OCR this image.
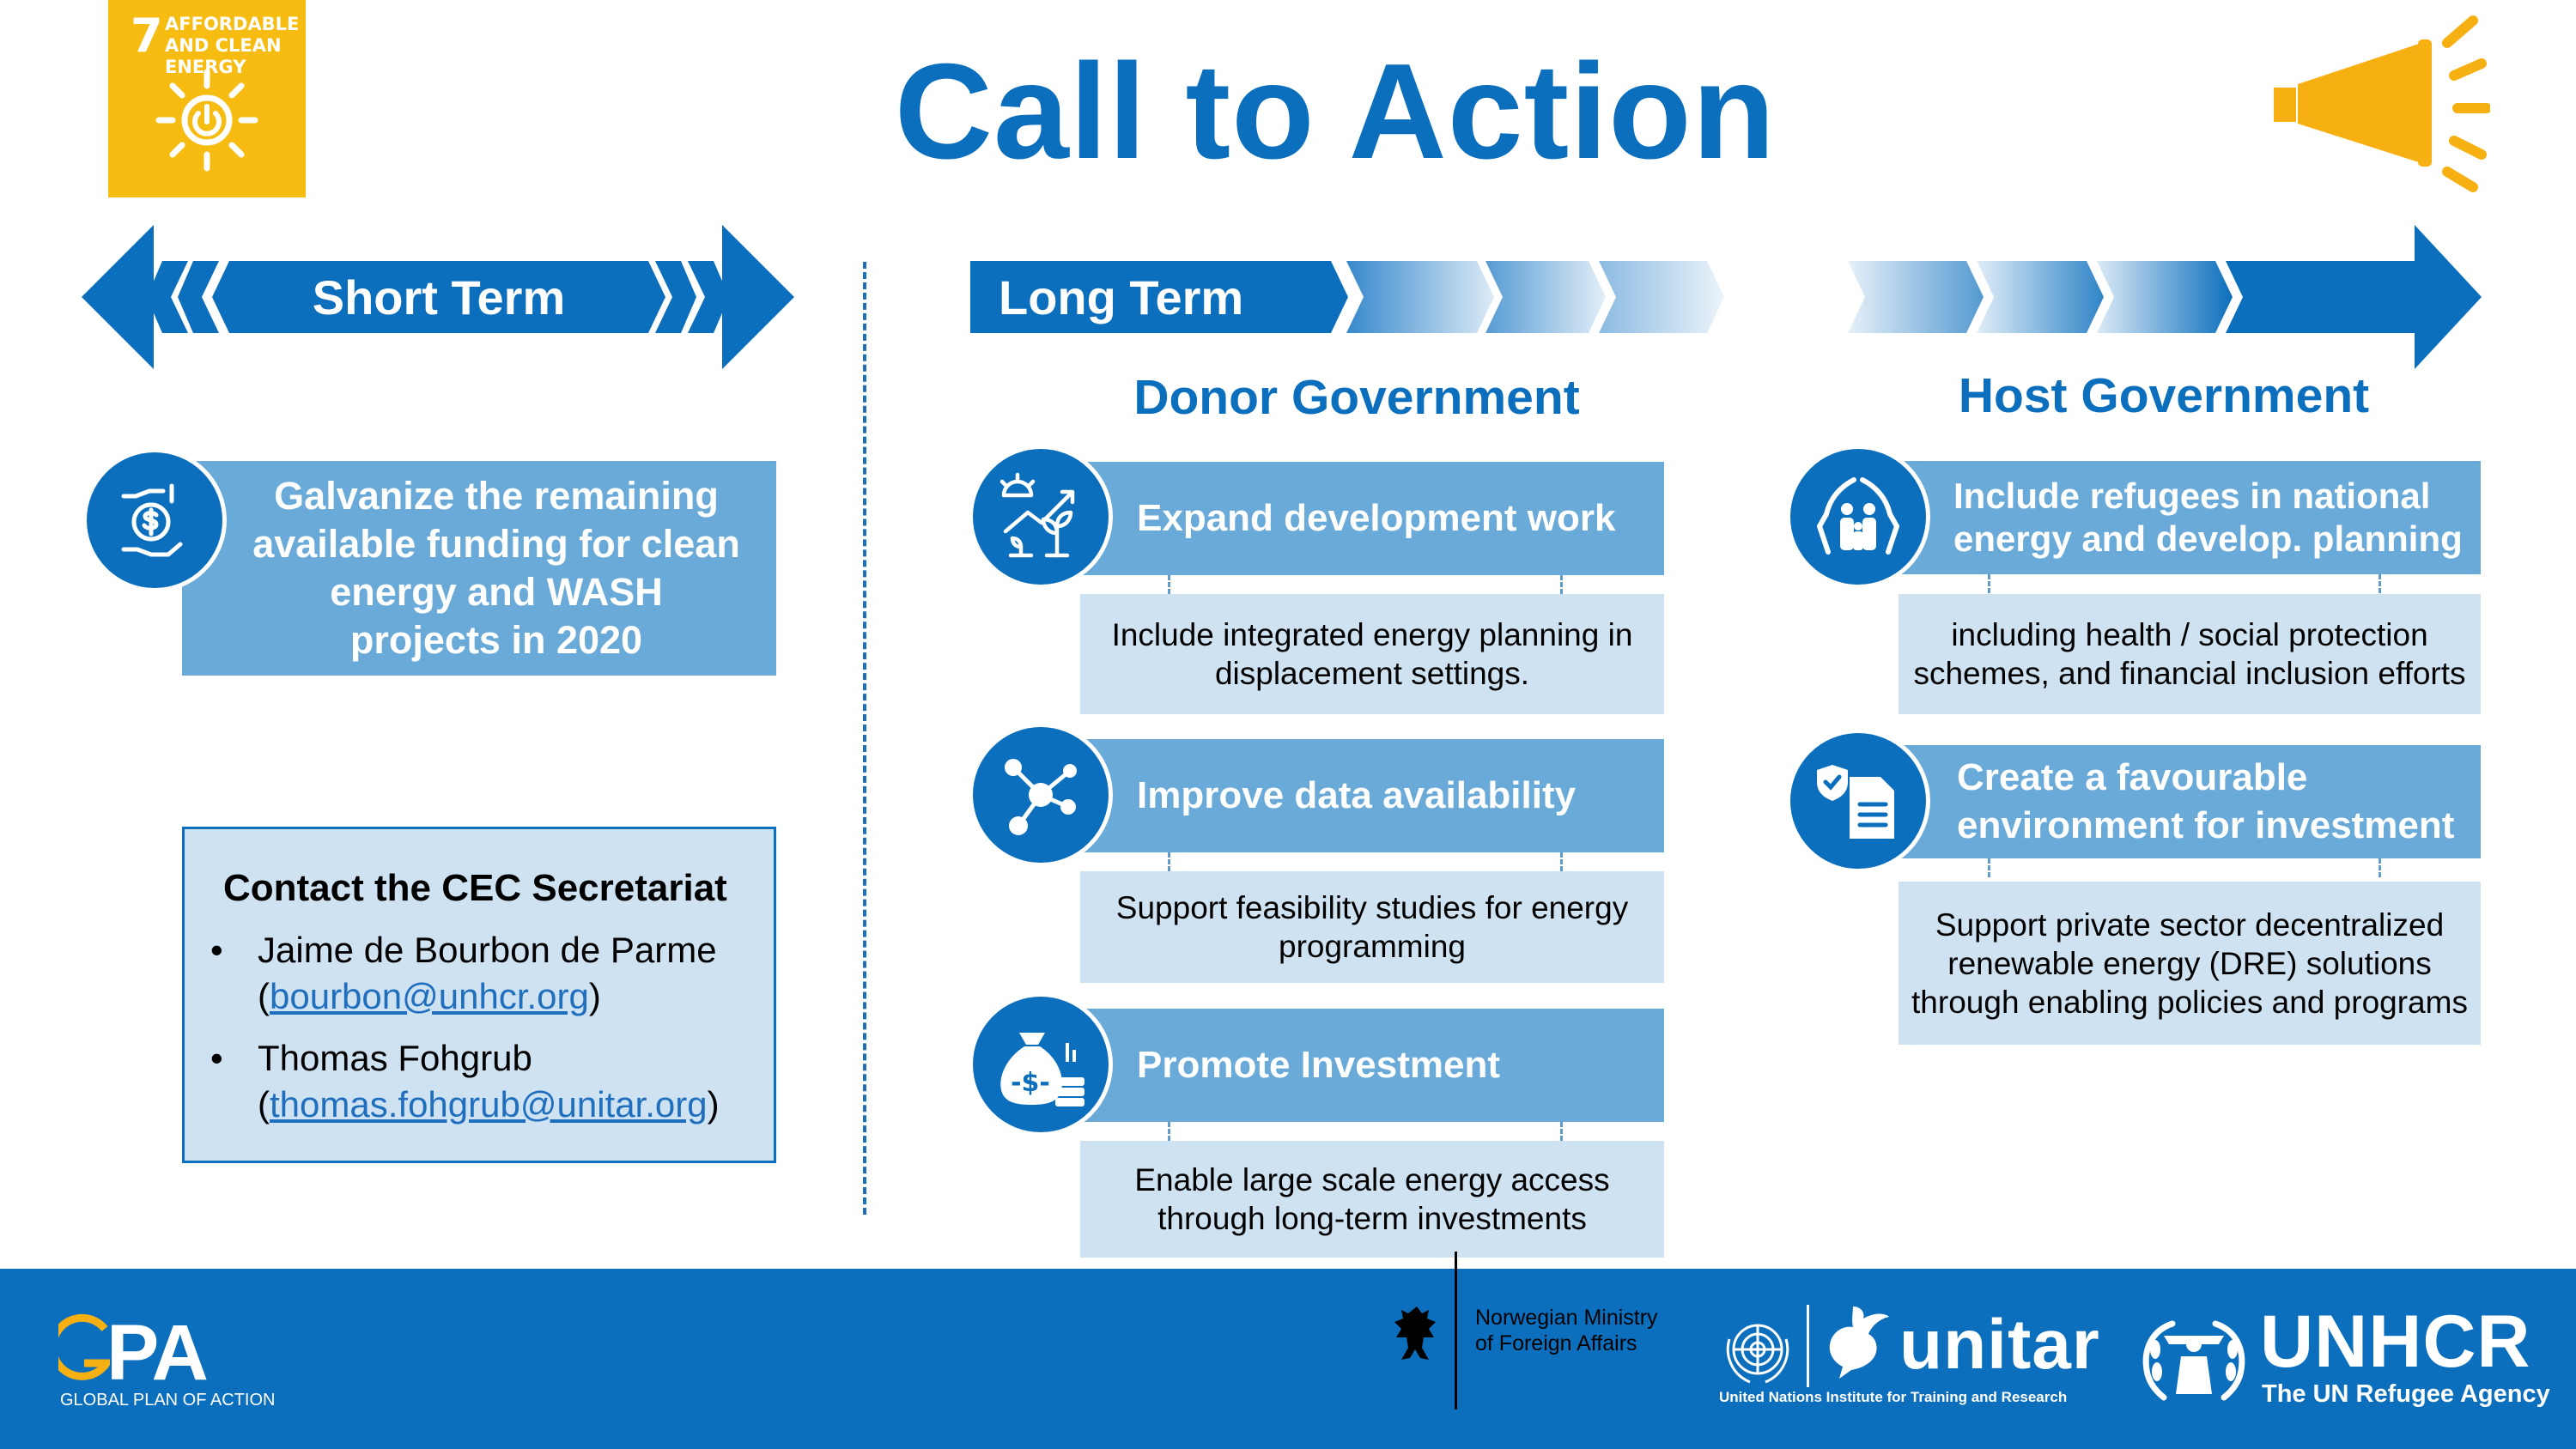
7 AFFORDABLE AND CLEAN ENERGY	Call to Action
Short Term	Long Term
Galvanize the remaining available funding for clean energy and WASH projects in 2020
Donor Government
Expand development work
Include integrated energy planning in displacement settings.
Improve data availability
Support feasibility studies for energy programming
Promote Investment
-$-
Enable large scale energy access through long-term investments
Host Government
Include refugees in national energy and develop. planning
including health / social protection schemes, and financial inclusion efforts
Create a favourable environment for investment
Support private sector decentralized renewable energy (DRE) solutions through enabling policies and programs
Contact the CEC Secretariat
• Jaime de Bourbon de Parme
(bourbon@unhcr.org)
• Thomas Fohgrub
(thomas.fohgrub@unitar.org)
PA
GLOBAL PLAN OF ACTION
Norwegian Ministry
of Foreign Affairs	unitar
United Nations Institute for Training and Research
UNHCR
The UN Refugee Agency
